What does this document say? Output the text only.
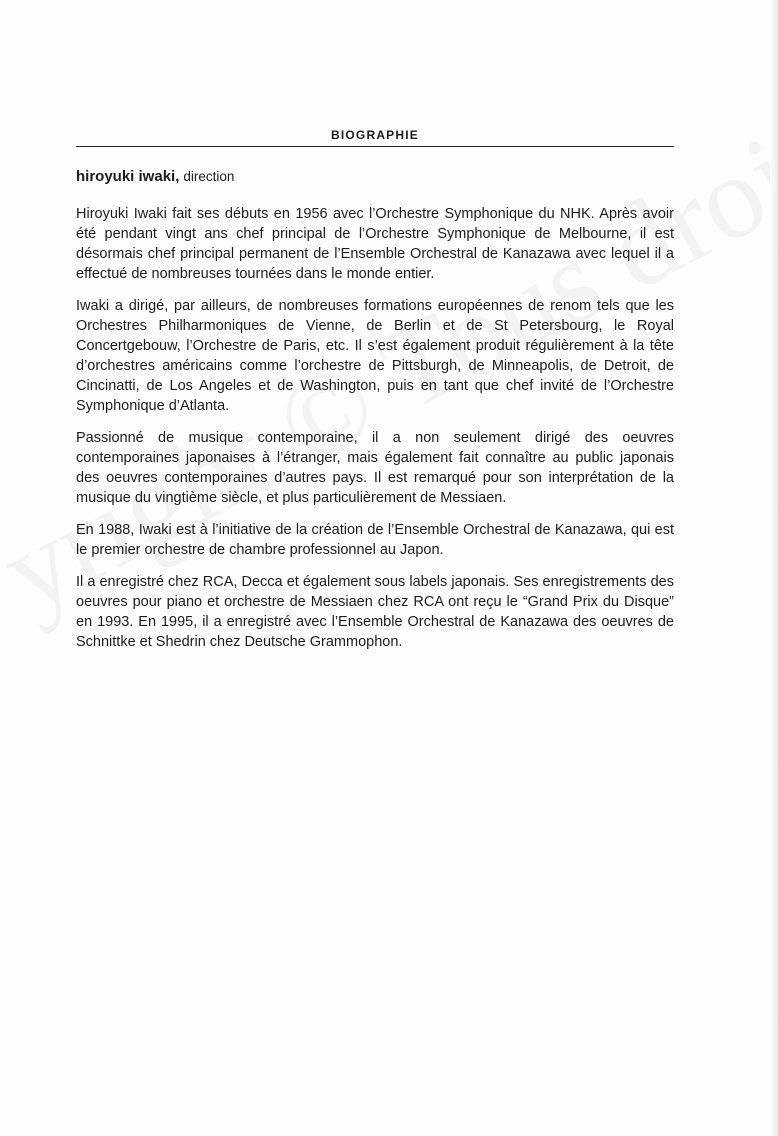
BIOGRAPHIE
hiroyuki iwaki, direction

Hiroyuki Iwaki fait ses débuts en 1956 avec l’Orchestre Symphonique du NHK. Après avoir été pendant vingt ans chef principal de l’Orchestre Symphonique de Melbourne, il est désormais chef principal permanent de l’Ensemble Orchestral de Kanazawa avec lequel il a effectué de nombreuses tournées dans le monde entier.

Iwaki a dirigé, par ailleurs, de nombreuses formations européennes de renom tels que les Orchestres Philharmoniques de Vienne, de Berlin et de St Petersbourg, le Royal Concertgebouw, l’Orchestre de Paris, etc. Il s’est également produit régulièrement à la tête d’orchestres américains comme l’orchestre de Pittsburgh, de Minneapolis, de Detroit, de Cincinatti, de Los Angeles et de Washington, puis en tant que chef invité de l’Orchestre Symphonique d’Atlanta.

Passionné de musique contemporaine, il a non seulement dirigé des oeuvres contemporaines japonaises à l’étranger, mais également fait connaître au public japonais des oeuvres contemporaines d’autres pays. Il est remarqué pour son interprétation de la musique du vingtième siècle, et plus particulièrement de Messiaen.

En 1988, Iwaki est à l’initiative de la création de l’Ensemble Orchestral de Kanazawa, qui est le premier orchestre de chambre professionnel au Japon.

Il a enregistré chez RCA, Decca et également sous labels japonais. Ses enregistrements des oeuvres pour piano et orchestre de Messiaen chez RCA ont reçu le “Grand Prix du Disque” en 1993. En 1995, il a enregistré avec l’Ensemble Orchestral de Kanazawa des oeuvres de Schnittke et Shedrin chez Deutsche Grammophon.
